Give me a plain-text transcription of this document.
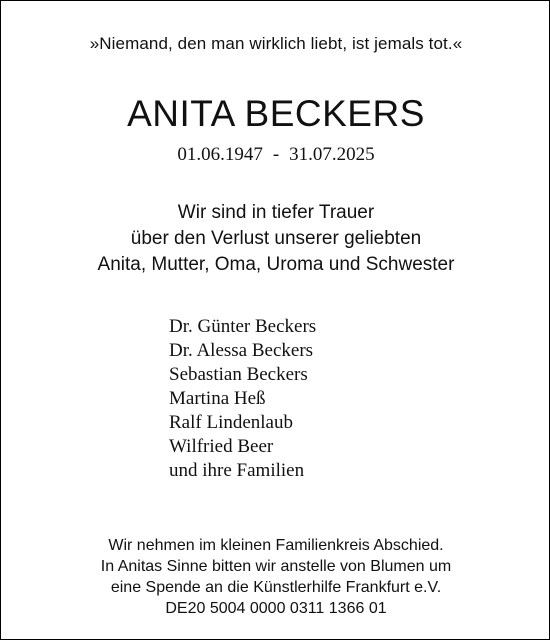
»Niemand, den man wirklich liebt, ist jemals tot.«
ANITA BECKERS
01.06.1947 - 31.07.2025
Wir sind in tiefer Trauer
über den Verlust unserer geliebten
Anita, Mutter, Oma, Uroma und Schwester
Dr. Günter Beckers
Dr. Alessa Beckers
Sebastian Beckers
Martina Heß
Ralf Lindenlaub
Wilfried Beer
und ihre Familien
Wir nehmen im kleinen Familienkreis Abschied.
In Anitas Sinne bitten wir anstelle von Blumen um
eine Spende an die Künstlerhilfe Frankfurt e.V.
DE20 5004 0000 0311 1366 01
